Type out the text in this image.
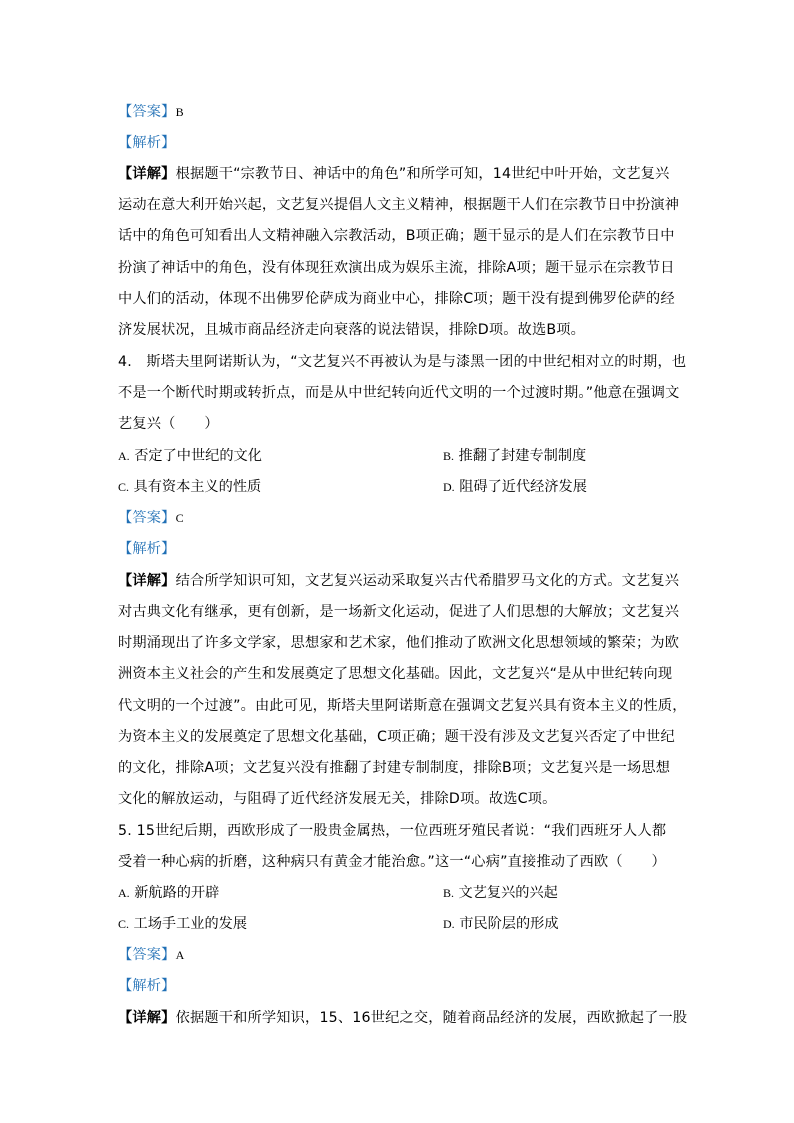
【答案】B
【解析】
【详解】根据题干“宗教节日、神话中的角色”和所学可知，14世纪中叶开始，文艺复兴
运动在意大利开始兴起，文艺复兴提倡人文主义精神，根据题干人们在宗教节日中扮演神
话中的角色可知看出人文精神融入宗教活动，B项正确；题干显示的是人们在宗教节日中
扮演了神话中的角色，没有体现狂欢演出成为娱乐主流，排除A项；题干显示在宗教节日
中人们的活动，体现不出佛罗伦萨成为商业中心，排除C项；题干没有提到佛罗伦萨的经
济发展状况，且城市商品经济走向衰落的说法错误，排除D项。故选B项。
4.　斯塔夫里阿诺斯认为，“文艺复兴不再被认为是与漆黑一团的中世纪相对立的时期，也
不是一个断代时期或转折点，而是从中世纪转向近代文明的一个过渡时期。”他意在强调文
艺复兴（　　）
A. 否定了中世纪的文化	B. 推翻了封建专制制度
C. 具有资本主义的性质	D. 阻碍了近代经济发展
【答案】C
【解析】
【详解】结合所学知识可知，文艺复兴运动采取复兴古代希腊罗马文化的方式。文艺复兴
对古典文化有继承，更有创新，是一场新文化运动，促进了人们思想的大解放；文艺复兴
时期涌现出了许多文学家，思想家和艺术家，他们推动了欧洲文化思想领域的繁荣；为欧
洲资本主义社会的产生和发展奠定了思想文化基础。因此，文艺复兴“是从中世纪转向现
代文明的一个过渡”。由此可见，斯塔夫里阿诺斯意在强调文艺复兴具有资本主义的性质，
为资本主义的发展奠定了思想文化基础，C项正确；题干没有涉及文艺复兴否定了中世纪
的文化，排除A项；文艺复兴没有推翻了封建专制制度，排除B项；文艺复兴是一场思想
文化的解放运动，与阻碍了近代经济发展无关，排除D项。故选C项。
5. 15世纪后期，西欧形成了一股贵金属热，一位西班牙殖民者说：“我们西班牙人人都
受着一种心病的折磨，这种病只有黄金才能治愈。”这一“心病”直接推动了西欧（　　）
A. 新航路的开辟	B. 文艺复兴的兴起
C. 工场手工业的发展	D. 市民阶层的形成
【答案】A
【解析】
【详解】依据题干和所学知识，15、16世纪之交，随着商品经济的发展，西欧掀起了一股
